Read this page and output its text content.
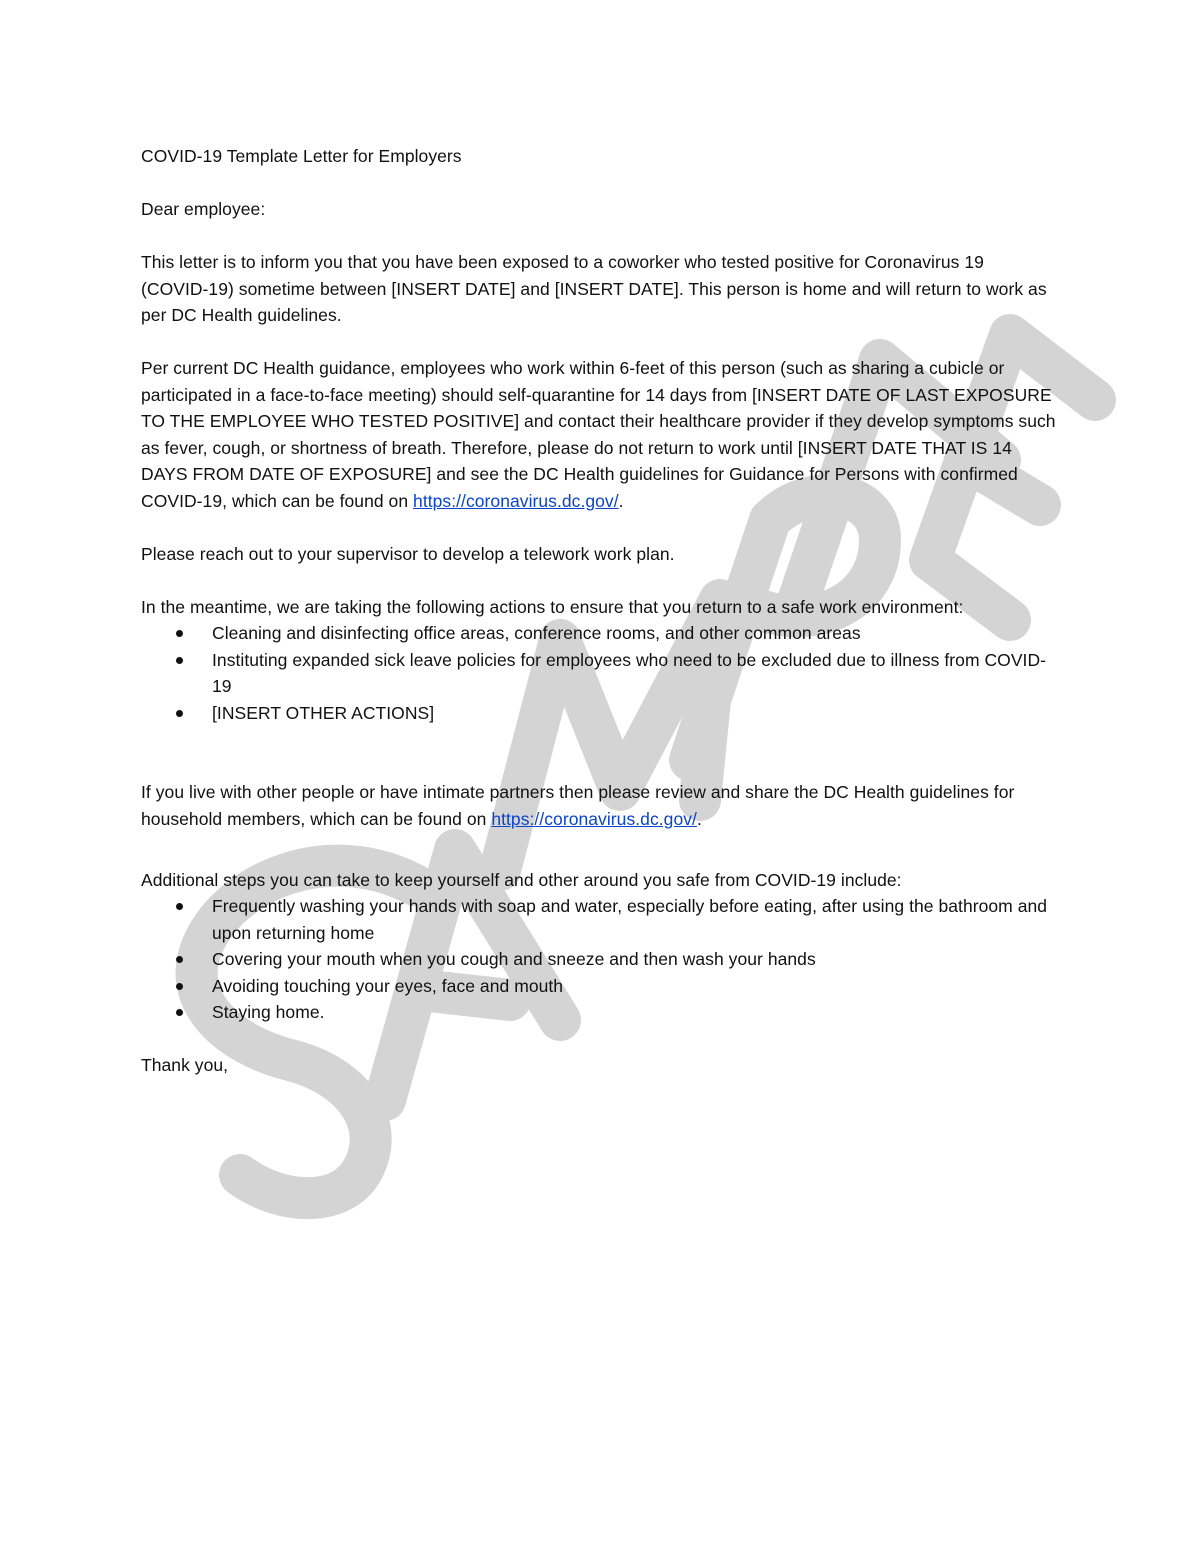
COVID-19 Template Letter for Employers

Dear employee:

This letter is to inform you that you have been exposed to a coworker who tested positive for Coronavirus 19 (COVID-19) sometime between [INSERT DATE] and [INSERT DATE]. This person is home and will return to work as per DC Health guidelines.

Per current DC Health guidance, employees who work within 6-feet of this person (such as sharing a cubicle or participated in a face-to-face meeting) should self-quarantine for 14 days from [INSERT DATE OF LAST EXPOSURE TO THE EMPLOYEE WHO TESTED POSITIVE] and contact their healthcare provider if they develop symptoms such as fever, cough, or shortness of breath. Therefore, please do not return to work until [INSERT DATE THAT IS 14 DAYS FROM DATE OF EXPOSURE] and see the DC Health guidelines for Guidance for Persons with confirmed COVID-19, which can be found on https://coronavirus.dc.gov/.

Please reach out to your supervisor to develop a telework work plan.

In the meantime, we are taking the following actions to ensure that you return to a safe work environment:

Cleaning and disinfecting office areas, conference rooms, and other common areas
Instituting expanded sick leave policies for employees who need to be excluded due to illness from COVID-19
[INSERT OTHER ACTIONS]

If you live with other people or have intimate partners then please review and share the DC Health guidelines for household members, which can be found on https://coronavirus.dc.gov/.

Additional steps you can take to keep yourself and other around you safe from COVID-19 include:

Frequently washing your hands with soap and water, especially before eating, after using the bathroom and upon returning home
Covering your mouth when you cough and sneeze and then wash your hands
Avoiding touching your eyes, face and mouth
Staying home.

Thank you,
